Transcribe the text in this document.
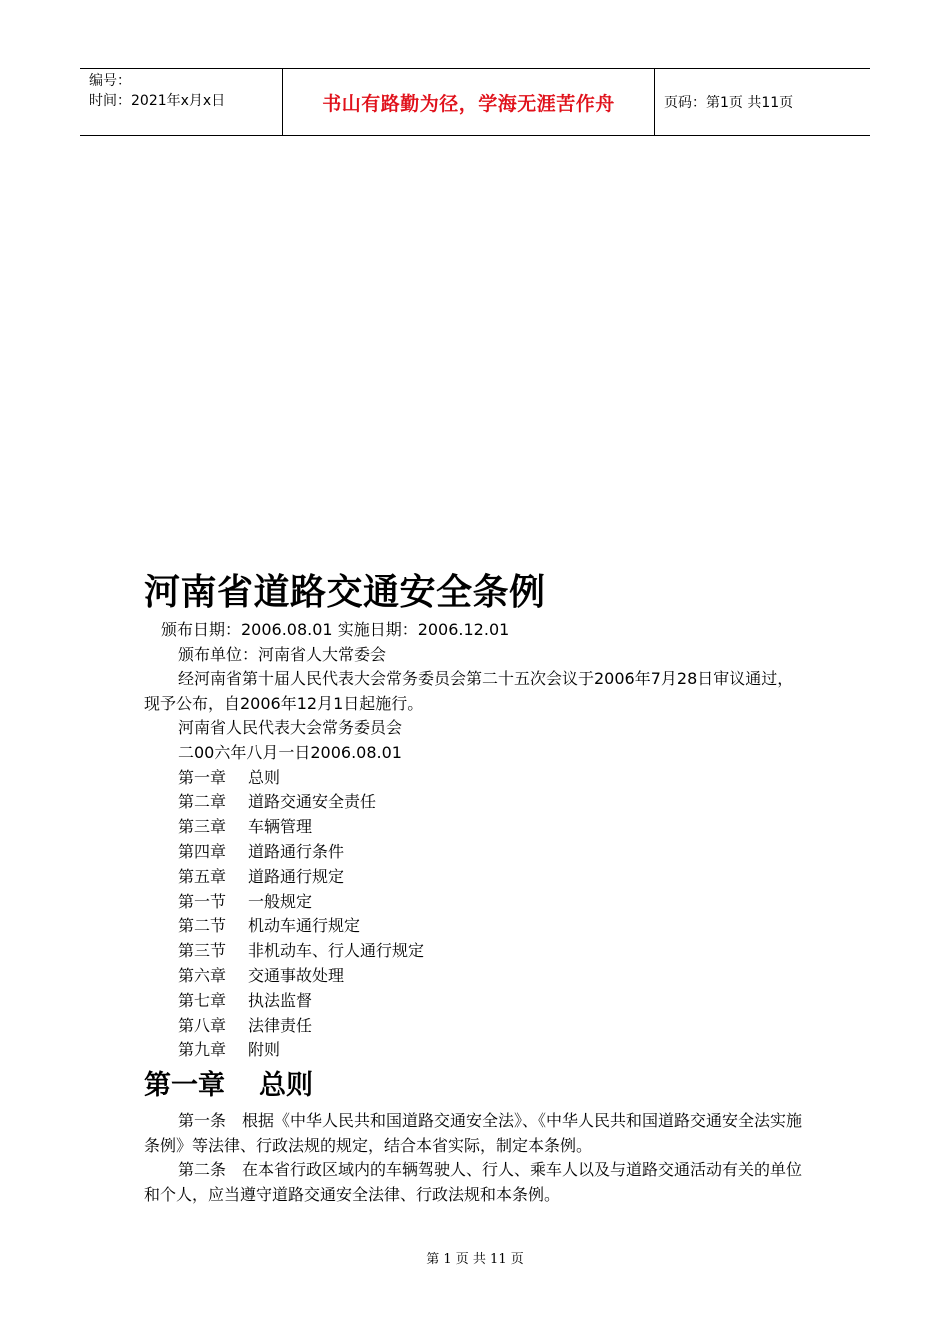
编号：
时间：2021年x月x日	书山有路勤为径，学海无涯苦作舟	页码：第1页 共11页
河南省道路交通安全条例
颁布日期：2006.08.01 实施日期：2006.12.01
颁布单位：河南省人大常委会
经河南省第十届人民代表大会常务委员会第二十五次会议于2006年7月28日审议通过，现予公布，自2006年12月1日起施行。
河南省人民代表大会常务委员会
二00六年八月一日2006.08.01
第一章 总则
第二章 道路交通安全责任
第三章 车辆管理
第四章 道路通行条件
第五章 道路通行规定
第一节 一般规定
第二节 机动车通行规定
第三节 非机动车、行人通行规定
第六章 交通事故处理
第七章 执法监督
第八章 法律责任
第九章 附则
第一章 总则
第一条　根据《中华人民共和国道路交通安全法》、《中华人民共和国道路交通安全法实施条例》等法律、行政法规的规定，结合本省实际，制定本条例。
第二条　在本省行政区域内的车辆驾驶人、行人、乘车人以及与道路交通活动有关的单位和个人，应当遵守道路交通安全法律、行政法规和本条例。
第 1 页 共 11 页
